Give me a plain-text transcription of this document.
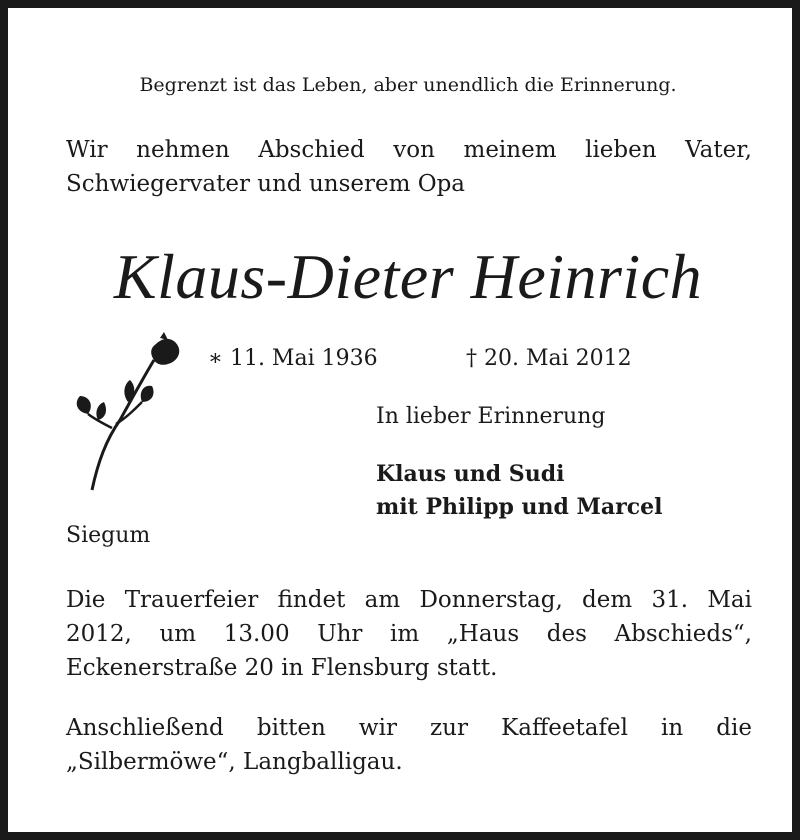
Begrenzt ist das Leben, aber unendlich die Erinnerung.
Wir nehmen Abschied von meinem lieben Vater,
Schwiegervater und unserem Opa
Klaus-Dieter Heinrich
∗ 11. Mai 1936	† 20. Mai 2012
In lieber Erinnerung
Klaus und Sudi
mit Philipp und Marcel
Siegum
Die Trauerfeier findet am Donnerstag, dem 31. Mai
2012, um 13.00 Uhr im „Haus des Abschieds“,
Eckenerstraße 20 in Flensburg statt.
Anschließend bitten wir zur Kaffeetafel in die
„Silbermöwe“, Langballigau.
